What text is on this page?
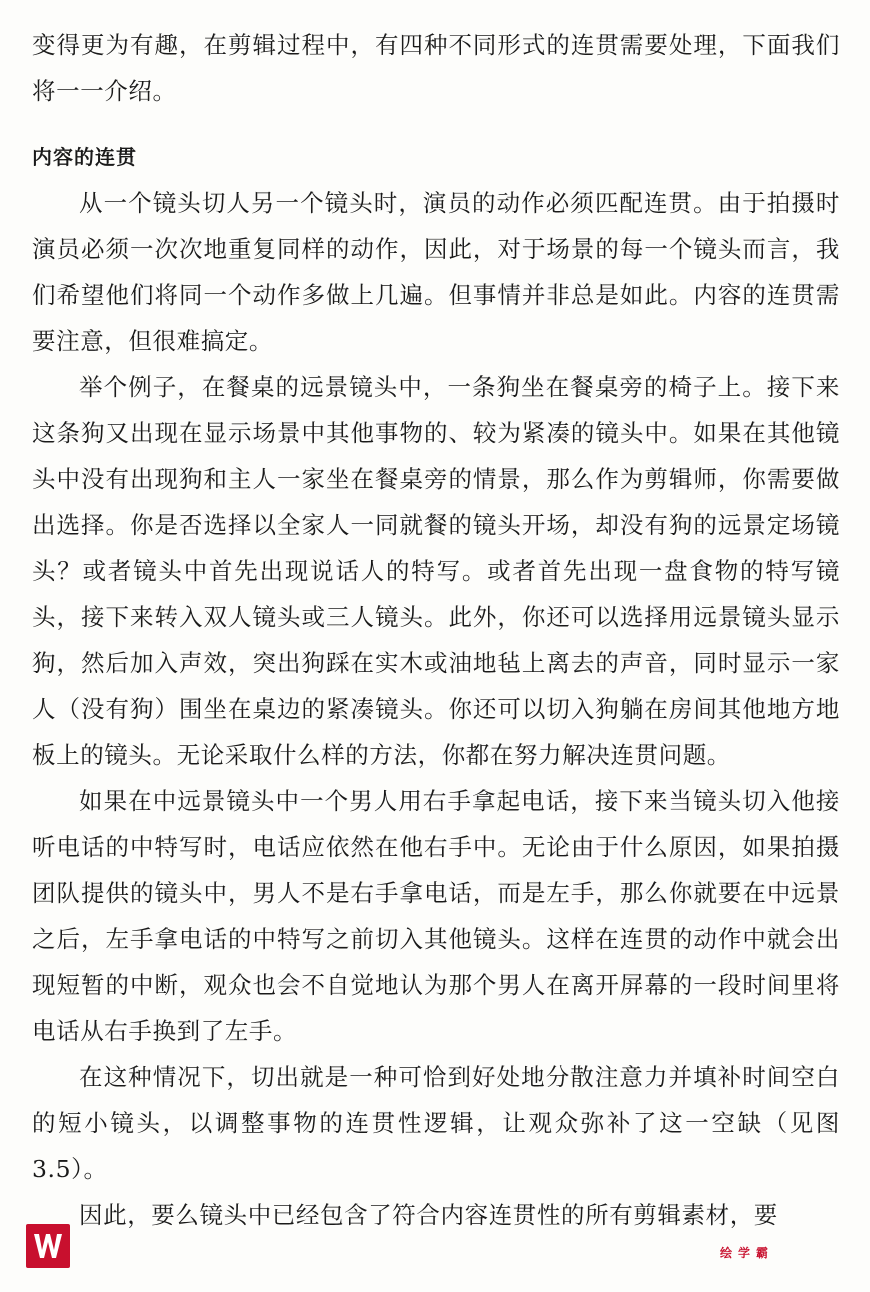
变得更为有趣，在剪辑过程中，有四种不同形式的连贯需要处理，下面我们将一一介绍。

内容的连贯

从一个镜头切人另一个镜头时，演员的动作必须匹配连贯。由于拍摄时演员必须一次次地重复同样的动作，因此，对于场景的每一个镜头而言，我们希望他们将同一个动作多做上几遍。但事情并非总是如此。内容的连贯需要注意，但很难搞定。

举个例子，在餐桌的远景镜头中，一条狗坐在餐桌旁的椅子上。接下来这条狗又出现在显示场景中其他事物的、较为紧凑的镜头中。如果在其他镜头中没有出现狗和主人一家坐在餐桌旁的情景，那么作为剪辑师，你需要做出选择。你是否选择以全家人一同就餐的镜头开场，却没有狗的远景定场镜头？或者镜头中首先出现说话人的特写。或者首先出现一盘食物的特写镜头，接下来转入双人镜头或三人镜头。此外，你还可以选择用远景镜头显示狗，然后加入声效，突出狗踩在实木或油地毡上离去的声音，同时显示一家人（没有狗）围坐在桌边的紧凑镜头。你还可以切入狗躺在房间其他地方地板上的镜头。无论采取什么样的方法，你都在努力解决连贯问题。

如果在中远景镜头中一个男人用右手拿起电话，接下来当镜头切入他接听电话的中特写时，电话应依然在他右手中。无论由于什么原因，如果拍摄团队提供的镜头中，男人不是右手拿电话，而是左手，那么你就要在中远景之后，左手拿电话的中特写之前切入其他镜头。这样在连贯的动作中就会出现短暂的中断，观众也会不自觉地认为那个男人在离开屏幕的一段时间里将电话从右手换到了左手。

在这种情况下，切出就是一种可恰到好处地分散注意力并填补时间空白的短小镜头，以调整事物的连贯性逻辑，让观众弥补了这一空缺（见图3.5）。

因此，要么镜头中已经包含了符合内容连贯性的所有剪辑素材，要

绘学霸
